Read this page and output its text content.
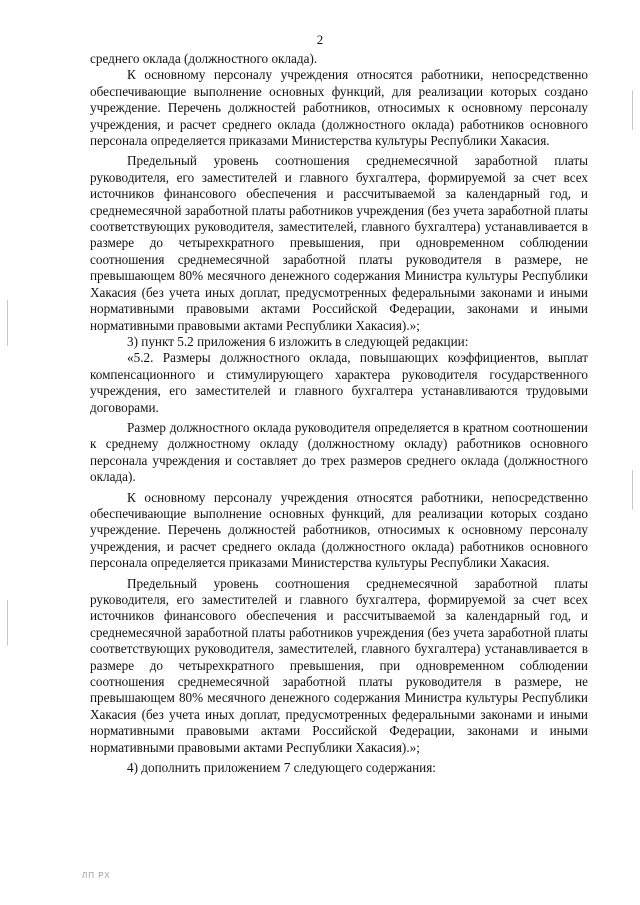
2

среднего оклада (должностного оклада).

К основному персоналу учреждения относятся работники, непосредственно обеспечивающие выполнение основных функций, для реализации которых создано учреждение. Перечень должностей работников, относимых к основному персоналу учреждения, и расчет среднего оклада (должностного оклада) работников основного персонала определяется приказами Министерства культуры Республики Хакасия.

Предельный уровень соотношения среднемесячной заработной платы руководителя, его заместителей и главного бухгалтера, формируемой за счет всех источников финансового обеспечения и рассчитываемой за календарный год, и среднемесячной заработной платы работников учреждения (без учета заработной платы соответствующих руководителя, заместителей, главного бухгалтера) устанавливается в размере до четырехкратного превышения, при одновременном соблюдении соотношения среднемесячной заработной платы руководителя в размере, не превышающем 80% месячного денежного содержания Министра культуры Республики Хакасия (без учета иных доплат, предусмотренных федеральными законами и иными нормативными правовыми актами Российской Федерации, законами и иными нормативными правовыми актами Республики Хакасия).»;

3) пункт 5.2 приложения 6 изложить в следующей редакции:

«5.2. Размеры должностного оклада, повышающих коэффициентов, выплат компенсационного и стимулирующего характера руководителя государственного учреждения, его заместителей и главного бухгалтера устанавливаются трудовыми договорами.

Размер должностного оклада руководителя определяется в кратном соотношении к среднему должностному окладу (должностному окладу) работников основного персонала учреждения и составляет до трех размеров среднего оклада (должностного оклада).

К основному персоналу учреждения относятся работники, непосредственно обеспечивающие выполнение основных функций, для реализации которых создано учреждение. Перечень должностей работников, относимых к основному персоналу учреждения, и расчет среднего оклада (должностного оклада) работников основного персонала определяется приказами Министерства культуры Республики Хакасия.

Предельный уровень соотношения среднемесячной заработной платы руководителя, его заместителей и главного бухгалтера, формируемой за счет всех источников финансового обеспечения и рассчитываемой за календарный год, и среднемесячной заработной платы работников учреждения (без учета заработной платы соответствующих руководителя, заместителей, главного бухгалтера) устанавливается в размере до четырехкратного превышения, при одновременном соблюдении соотношения среднемесячной заработной платы руководителя в размере, не превышающем 80% месячного денежного содержания Министра культуры Республики Хакасия (без учета иных доплат, предусмотренных федеральными законами и иными нормативными правовыми актами Российской Федерации, законами и иными нормативными правовыми актами Республики Хакасия).»;

4) дополнить приложением 7 следующего содержания:

ЛП РХ
